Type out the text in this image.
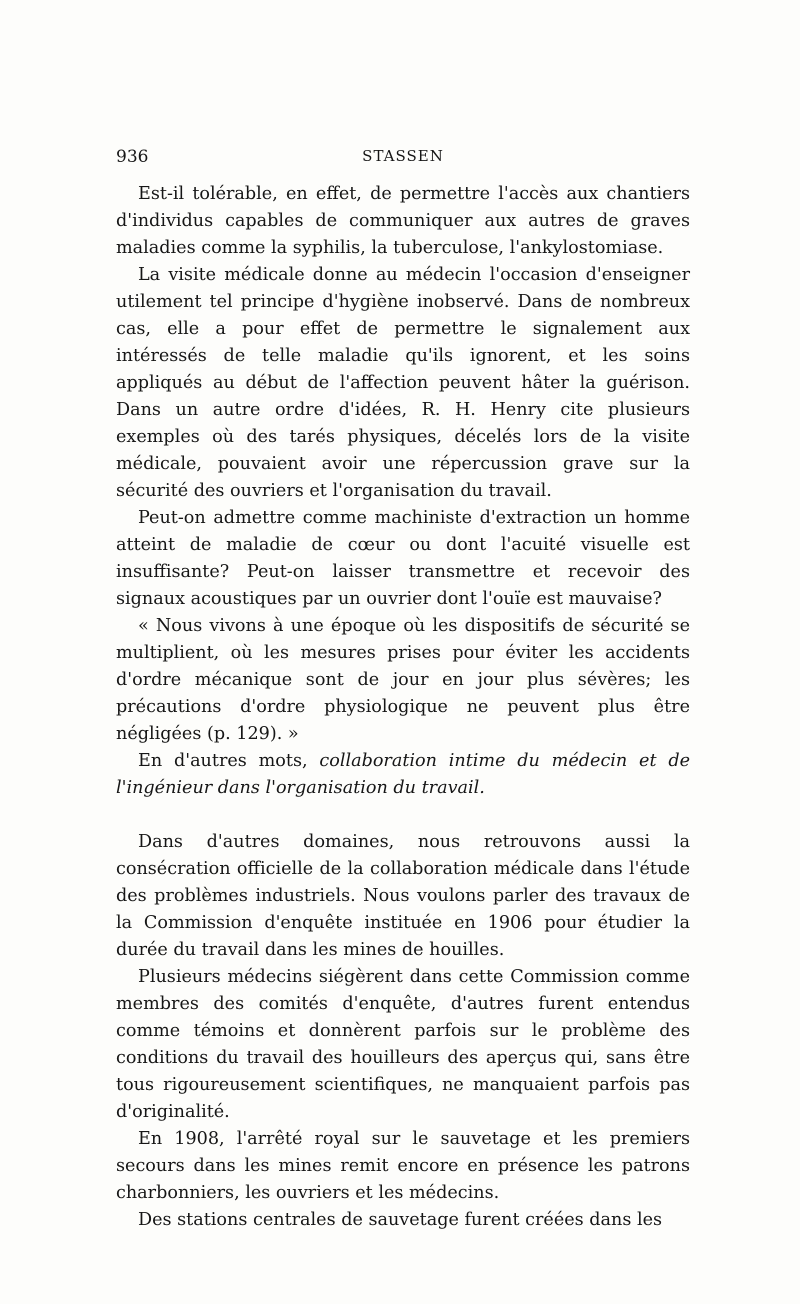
936	STASSEN

Est-il tolérable, en effet, de permettre l'accès aux chantiers d'individus capables de communiquer aux autres de graves maladies comme la syphilis, la tuberculose, l'ankylostomiase.

La visite médicale donne au médecin l'occasion d'enseigner utilement tel principe d'hygiène inobservé. Dans de nombreux cas, elle a pour effet de permettre le signalement aux intéressés de telle maladie qu'ils ignorent, et les soins appliqués au début de l'affection peuvent hâter la guérison. Dans un autre ordre d'idées, R. H. Henry cite plusieurs exemples où des tarés physiques, décelés lors de la visite médicale, pouvaient avoir une répercussion grave sur la sécurité des ouvriers et l'organisation du travail.

Peut-on admettre comme machiniste d'extraction un homme atteint de maladie de cœur ou dont l'acuité visuelle est insuffisante? Peut-on laisser transmettre et recevoir des signaux acoustiques par un ouvrier dont l'ouïe est mauvaise?

« Nous vivons à une époque où les dispositifs de sécurité se multiplient, où les mesures prises pour éviter les accidents d'ordre mécanique sont de jour en jour plus sévères; les précautions d'ordre physiologique ne peuvent plus être négligées (p. 129). »

En d'autres mots, collaboration intime du médecin et de l'ingénieur dans l'organisation du travail.

Dans d'autres domaines, nous retrouvons aussi la consécration officielle de la collaboration médicale dans l'étude des problèmes industriels. Nous voulons parler des travaux de la Commission d'enquête instituée en 1906 pour étudier la durée du travail dans les mines de houilles.

Plusieurs médecins siégèrent dans cette Commission comme membres des comités d'enquête, d'autres furent entendus comme témoins et donnèrent parfois sur le problème des conditions du travail des houilleurs des aperçus qui, sans être tous rigoureusement scientifiques, ne manquaient parfois pas d'originalité.

En 1908, l'arrêté royal sur le sauvetage et les premiers secours dans les mines remit encore en présence les patrons charbonniers, les ouvriers et les médecins.

Des stations centrales de sauvetage furent créées dans les
